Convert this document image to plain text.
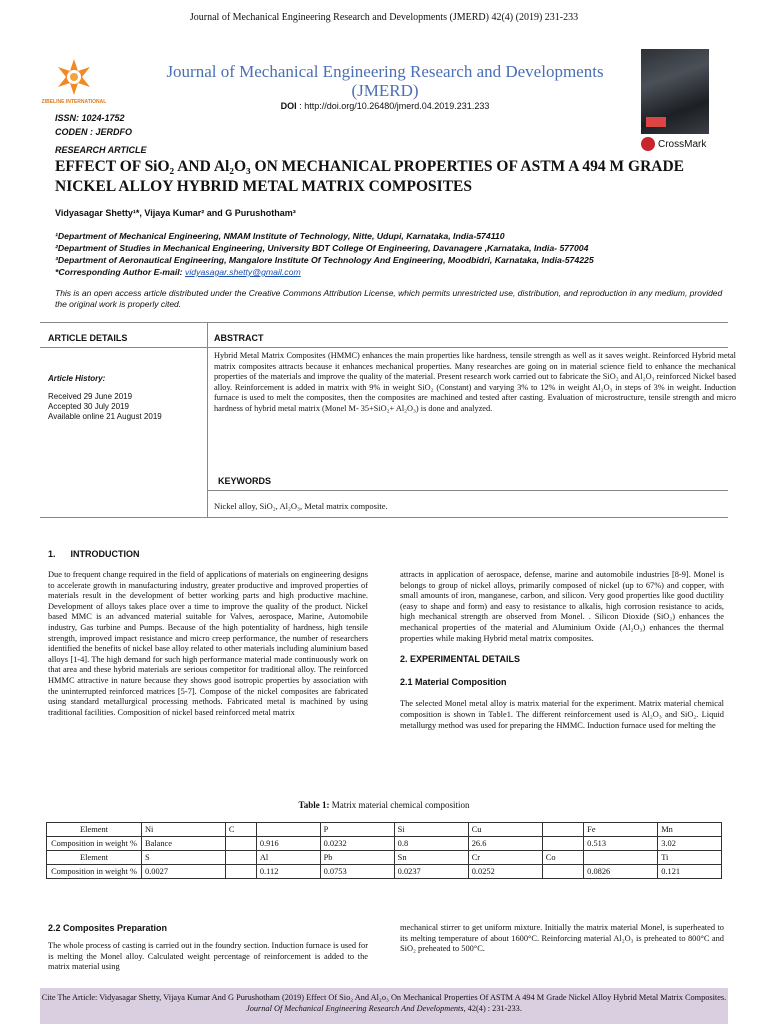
Journal of Mechanical Engineering Research and Developments (JMERD) 42(4) (2019) 231-233
ZIBELINE INTERNATIONAL
Journal of Mechanical Engineering Research and Developments (JMERD)
DOI : http://doi.org/10.26480/jmerd.04.2019.231.233
ISSN: 1024-1752
CODEN : JERDFO
CrossMark
RESEARCH ARTICLE
EFFECT OF SiO₂ AND Al₂O₃ ON MECHANICAL PROPERTIES OF ASTM A 494 M GRADE NICKEL ALLOY HYBRID METAL MATRIX COMPOSITES
Vidyasagar Shetty¹*, Vijaya Kumar² and G Purushotham³
¹Department of Mechanical Engineering, NMAM Institute of Technology, Nitte, Udupi, Karnataka, India-574110
²Department of Studies in Mechanical Engineering, University BDT College Of Engineering, Davanagere ,Karnataka, India- 577004
³Department of Aeronautical Engineering, Mangalore Institute Of Technology And Engineering, Moodbidri, Karnataka, India-574225
*Corresponding Author E-mail: vidyasagar.shetty@gmail.com
This is an open access article distributed under the Creative Commons Attribution License, which permits unrestricted use, distribution, and reproduction in any medium, provided the original work is properly cited.
ARTICLE DETAILS	ABSTRACT
Article History:
Received 29 June 2019
Accepted 30 July 2019
Available online 21 August 2019
Hybrid Metal Matrix Composites (HMMC) enhances the main properties like hardness, tensile strength as well as it saves weight. Reinforced Hybrid metal matrix composites attracts because it enhances mechanical properties. Many researches are going on in material science field to enhance the mechanical properties of the materials and improve the quality of the material. Present research work carried out to fabricate the SiO₂ and Al₂O₃ reinforced Nickel based alloy. Reinforcement is added in matrix with 9% in weight SiO₂ (Constant) and varying 3% to 12% in weight Al₂O₃ in steps of 3% in weight. Induction furnace is used to melt the composites, then the composites are machined and tested after casting. Evaluation of microstructure, tensile strength and micro hardness of hybrid metal matrix (Monel M- 35+SiO₂+ Al₂O₃) is done and analyzed.
KEYWORDS
Nickel alloy, SiO₂, Al₂O₃, Metal matrix composite.
1.      INTRODUCTION
Due to frequent change required in the field of applications of materials on engineering designs to accelerate growth in manufacturing industry, greater productive and improved properties of materials result in the development of better working parts and high productive machine. Development of alloys takes place over a time to improve the quality of the product. Nickel based MMC is an advanced material suitable for Valves, aerospace, Marine, Automobile industry, Gas turbine and Pumps. Because of the high potentiality of hardness, high tensile strength, improved impact resistance and micro creep performance, the number of researchers identified the benefits of nickel base alloy related to other materials including aluminium based alloys [1-4]. The high demand for such high performance material made continuously work on that area and these hybrid materials are serious competitor for traditional alloy. The reinforced HMMC attractive in nature because they shows good isotropic properties by association with the uninterrupted reinforced matrices [5-7]. Compose of the nickel composites are fabricated using standard metallurgical processing methods. Fabricated metal is machined by using traditional facilities. Composition of nickel based reinforced metal matrix
attracts in application of aerospace, defense, marine and automobile industries [8-9]. Monel is belongs to group of nickel alloys, primarily composed of nickel (up to 67%) and copper, with small amounts of iron, manganese, carbon, and silicon. Very good properties like good ductility (easy to shape and form) and easy to resistance to alkalis, high corrosion resistance to acids, high mechanical strength are observed from Monel. . Silicon Dioxide (SiO₂) enhances the mechanical properties of the material and Aluminium Oxide (Al₂O₃) enhances the thermal properties while making Hybrid metal matrix composites.
2. EXPERIMENTAL DETAILS
2.1 Material Composition
The selected Monel metal alloy is matrix material for the experiment. Matrix material chemical composition is shown in Table1. The different reinforcement used is Al₂O₃ and SiO₂. Liquid metallurgy method was used for preparing the HMMC. Induction furnace used for melting the
Table 1: Matrix material chemical composition
Element	Ni	C		P	Si	Cu		Fe	Mn
Composition in weight %	Balance		0.916	0.0232	0.8	26.6		0.513	3.02
Element	S		Al	Pb	Sn	Cr	Co		Ti
Composition in weight %	0.0027		0.112	0.0753	0.0237	0.0252		0.0826	0.121
2.2 Composites Preparation
The whole process of casting is carried out in the foundry section. Induction furnace is used for is melting the Monel alloy. Calculated weight percentage of reinforcement is added to the matrix material using
mechanical stirrer to get uniform mixture. Initially the matrix material Monel, is superheated to its melting temperature of about 1600°C. Reinforcing material Al₂O₃ is preheated to 800°C and SiO₂ preheated to 500°C.
Cite The Article: Vidyasagar Shetty, Vijaya Kumar And G Purushotham (2019) Effect Of Sio₂ And Al₂o₃ On Mechanical Properties Of ASTM A 494 M Grade Nickel Alloy Hybrid Metal Matrix Composites. Journal Of Mechanical Engineering Research And Developments, 42(4) : 231-233.
